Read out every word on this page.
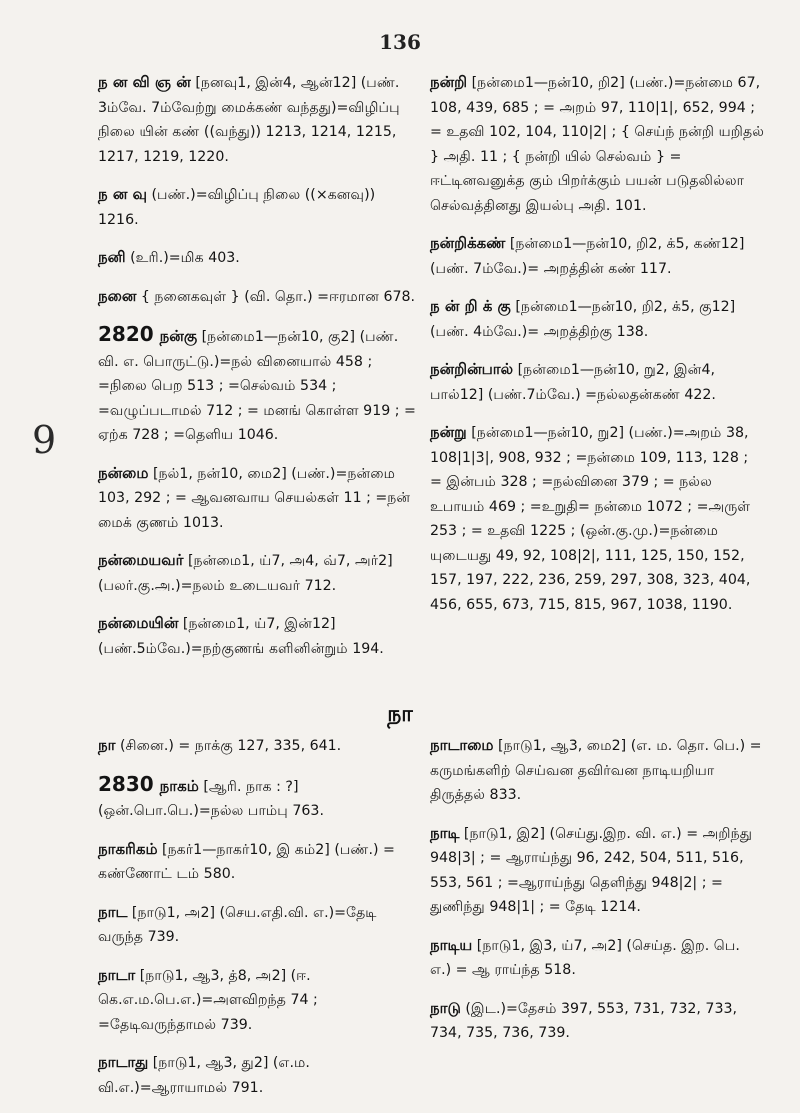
136
9
ந ன வி ஞ ன் [நனவு1, இன்4, ஆன்12] (பண். 3ம்வே. 7ம்வேற்று மைக்கண் வந்தது)=விழிப்பு நிலை யின் கண் ((வந்து)) 1213, 1214, 1215, 1217, 1219, 1220.
ந ன வு (பண்.)=விழிப்பு நிலை ((×கனவு)) 1216.
நனி (உரி.)=மிக 403.
நனை { நனைகவுள் } (வி. தொ.) =ஈரமான 678.
2820 நன்கு [நன்மை1—நன்10, கு2] (பண். வி. எ. பொருட்டு.)=நல் வினையால் 458 ; =நிலை பெற 513 ; =செல்வம் 534 ; =வழுப்படாமல் 712 ; = மனங் கொள்ள 919 ; = ஏற்க 728 ; =தெளிய 1046.
நன்மை [நல்1, நன்10, மை2] (பண்.)=நன்மை 103, 292 ; = ஆவனவாய செயல்கள் 11 ; =நன் மைக் குணம் 1013.
நன்மையவர் [நன்மை1, ய்7, அ4, வ்7, அர்2] (பலர்.கு.அ.)=நலம் உடையவர் 712.
நன்மையின் [நன்மை1, ய்7, இன்12] (பண்.5ம்வே.)=நற்குணங் களினின்றும் 194.
நன்றி [நன்மை1—நன்10, றி2] (பண்.)=நன்மை 67, 108, 439, 685 ; = அறம் 97, 110|1|, 652, 994 ; = உதவி 102, 104, 110|2| ; { செய்ந் நன்றி யறிதல் } அதி. 11 ; { நன்றி யில் செல்வம் } = ஈட்டினவனுக்த கும் பிறர்க்கும் பயன் படுதலில்லா செல்வத்தினது இயல்பு அதி. 101.
நன்றிக்கண் [நன்மை1—நன்10, றி2, க்5, கண்12] (பண். 7ம்வே.)= அறத்தின் கண் 117.
ந ன் றி க் கு [நன்மை1—நன்10, றி2, க்5, கு12] (பண். 4ம்வே.)= அறத்திற்கு 138.
நன்றின்பால் [நன்மை1—நன்10, று2, இன்4, பால்12] (பண்.7ம்வே.) =நல்லதன்கண் 422.
நன்று [நன்மை1—நன்10, று2] (பண்.)=அறம் 38, 108|1|3|, 908, 932 ; =நன்மை 109, 113, 128 ; = இன்பம் 328 ; =நல்வினை 379 ; = நல்ல உபாயம் 469 ; =உறுதி= நன்மை 1072 ; =அருள் 253 ; = உதவி 1225 ; (ஒன்.கு.மு.)=நன்மை யுடையது 49, 92, 108|2|, 111, 125, 150, 152, 157, 197, 222, 236, 259, 297, 308, 323, 404, 456, 655, 673, 715, 815, 967, 1038, 1190.
நா
நா (சினை.) = நாக்கு 127, 335, 641.
2830 நாகம் [ஆரி. நாக : ?] (ஒன்.பொ.பெ.)=நல்ல பாம்பு 763.
நாகரிகம் [நகர்1—நாகர்10, இ கம்2] (பண்.) = கண்ணோட் டம் 580.
நாட [நாடு1, அ2] (செய.எதி.வி. எ.)=தேடி வருந்த 739.
நாடா [நாடு1, ஆ3, த்8, அ2] (ஈ. கெ.எ.ம.பெ.எ.)=அளவிறந்த 74 ; =தேடிவருந்தாமல் 739.
நாடாது [நாடு1, ஆ3, து2] (எ.ம. வி.எ.)=ஆராயாமல் 791.
நாடாமை [நாடு1, ஆ3, மை2] (எ. ம. தொ. பெ.) = கருமங்களிற் செய்வன தவிர்வன நாடியறியா திருத்தல் 833.
நாடி [நாடு1, இ2] (செய்து.இற. வி. எ.) = அறிந்து 948|3| ; = ஆராய்ந்து 96, 242, 504, 511, 516, 553, 561 ; =ஆராய்ந்து தெளிந்து 948|2| ; = துணிந்து 948|1| ; = தேடி 1214.
நாடிய [நாடு1, இ3, ய்7, அ2] (செய்த. இற. பெ. எ.) = ஆ ராய்ந்த 518.
நாடு (இட.)=தேசம் 397, 553, 731, 732, 733, 734, 735, 736, 739.
